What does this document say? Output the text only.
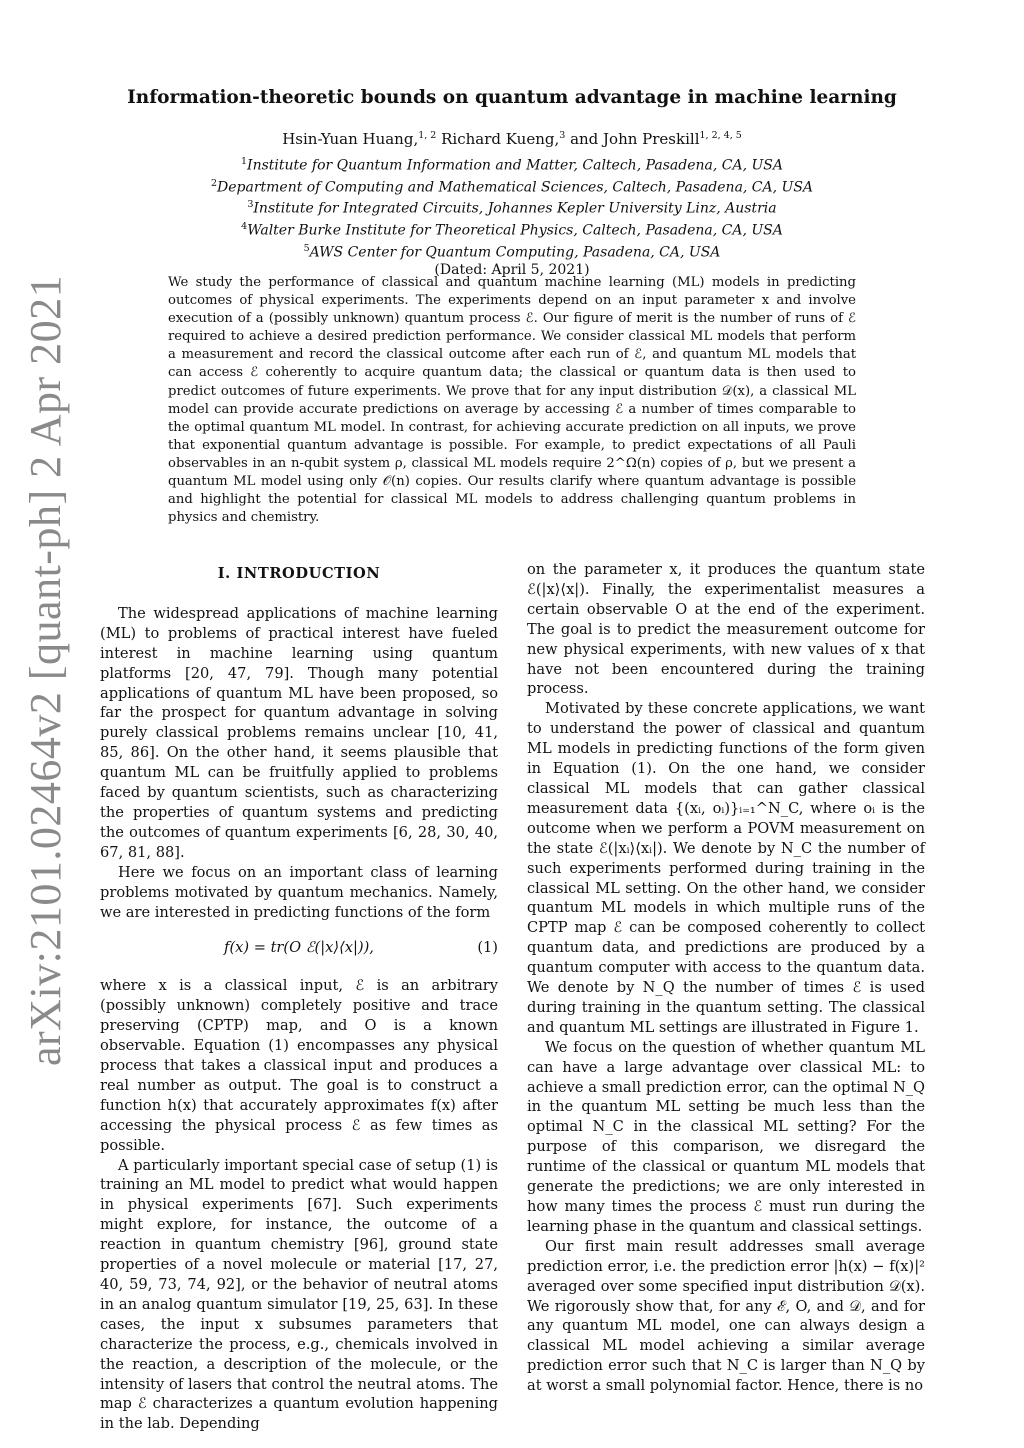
arXiv:2101.02464v2 [quant-ph] 2 Apr 2021
Information-theoretic bounds on quantum advantage in machine learning
Hsin-Yuan Huang,$^{1, 2}$ Richard Kueng,$^3$ and John Preskill$^{1, 2, 4, 5}$
$^1$Institute for Quantum Information and Matter, Caltech, Pasadena, CA, USA
$^2$Department of Computing and Mathematical Sciences, Caltech, Pasadena, CA, USA
$^3$Institute for Integrated Circuits, Johannes Kepler University Linz, Austria
$^4$Walter Burke Institute for Theoretical Physics, Caltech, Pasadena, CA, USA
$^5$AWS Center for Quantum Computing, Pasadena, CA, USA
(Dated: April 5, 2021)

We study the performance of classical and quantum machine learning (ML) models in predicting outcomes of physical experiments. The experiments depend on an input parameter x and involve execution of a (possibly unknown) quantum process ℰ. Our figure of merit is the number of runs of ℰ required to achieve a desired prediction performance. We consider classical ML models that perform a measurement and record the classical outcome after each run of ℰ, and quantum ML models that can access ℰ coherently to acquire quantum data; the classical or quantum data is then used to predict outcomes of future experiments. We prove that for any input distribution 𝒟(x), a classical ML model can provide accurate predictions on average by accessing ℰ a number of times comparable to the optimal quantum ML model. In contrast, for achieving accurate prediction on all inputs, we prove that exponential quantum advantage is possible. For example, to predict expectations of all Pauli observables in an n-qubit system ρ, classical ML models require 2^Ω(n) copies of ρ, but we present a quantum ML model using only 𝒪(n) copies. Our results clarify where quantum advantage is possible and highlight the potential for classical ML models to address challenging quantum problems in physics and chemistry.

I. INTRODUCTION

The widespread applications of machine learning (ML) to problems of practical interest have fueled interest in machine learning using quantum platforms [20, 47, 79]. Though many potential applications of quantum ML have been proposed, so far the prospect for quantum advantage in solving purely classical problems remains unclear [10, 41, 85, 86]. On the other hand, it seems plausible that quantum ML can be fruitfully applied to problems faced by quantum scientists, such as characterizing the properties of quantum systems and predicting the outcomes of quantum experiments [6, 28, 30, 40, 67, 81, 88].

Here we focus on an important class of learning problems motivated by quantum mechanics. Namely, we are interested in predicting functions of the form

f(x) = tr(O ℰ(|x⟩⟨x|)),	(1)

where x is a classical input, ℰ is an arbitrary (possibly unknown) completely positive and trace preserving (CPTP) map, and O is a known observable. Equation (1) encompasses any physical process that takes a classical input and produces a real number as output. The goal is to construct a function h(x) that accurately approximates f(x) after accessing the physical process ℰ as few times as possible.

A particularly important special case of setup (1) is training an ML model to predict what would happen in physical experiments [67]. Such experiments might explore, for instance, the outcome of a reaction in quantum chemistry [96], ground state properties of a novel molecule or material [17, 27, 40, 59, 73, 74, 92], or the behavior of neutral atoms in an analog quantum simulator [19, 25, 63]. In these cases, the input x subsumes parameters that characterize the process, e.g., chemicals involved in the reaction, a description of the molecule, or the intensity of lasers that control the neutral atoms. The map ℰ characterizes a quantum evolution happening in the lab. Depending

on the parameter x, it produces the quantum state ℰ(|x⟩⟨x|). Finally, the experimentalist measures a certain observable O at the end of the experiment. The goal is to predict the measurement outcome for new physical experiments, with new values of x that have not been encountered during the training process.

Motivated by these concrete applications, we want to understand the power of classical and quantum ML models in predicting functions of the form given in Equation (1). On the one hand, we consider classical ML models that can gather classical measurement data {(xᵢ, oᵢ)}ᵢ₌₁^N_C, where oᵢ is the outcome when we perform a POVM measurement on the state ℰ(|xᵢ⟩⟨xᵢ|). We denote by N_C the number of such experiments performed during training in the classical ML setting. On the other hand, we consider quantum ML models in which multiple runs of the CPTP map ℰ can be composed coherently to collect quantum data, and predictions are produced by a quantum computer with access to the quantum data. We denote by N_Q the number of times ℰ is used during training in the quantum setting. The classical and quantum ML settings are illustrated in Figure 1.

We focus on the question of whether quantum ML can have a large advantage over classical ML: to achieve a small prediction error, can the optimal N_Q in the quantum ML setting be much less than the optimal N_C in the classical ML setting? For the purpose of this comparison, we disregard the runtime of the classical or quantum ML models that generate the predictions; we are only interested in how many times the process ℰ must run during the learning phase in the quantum and classical settings.

Our first main result addresses small average prediction error, i.e. the prediction error |h(x) − f(x)|² averaged over some specified input distribution 𝒟(x). We rigorously show that, for any ℰ, O, and 𝒟, and for any quantum ML model, one can always design a classical ML model achieving a similar average prediction error such that N_C is larger than N_Q by at worst a small polynomial factor. Hence, there is no
